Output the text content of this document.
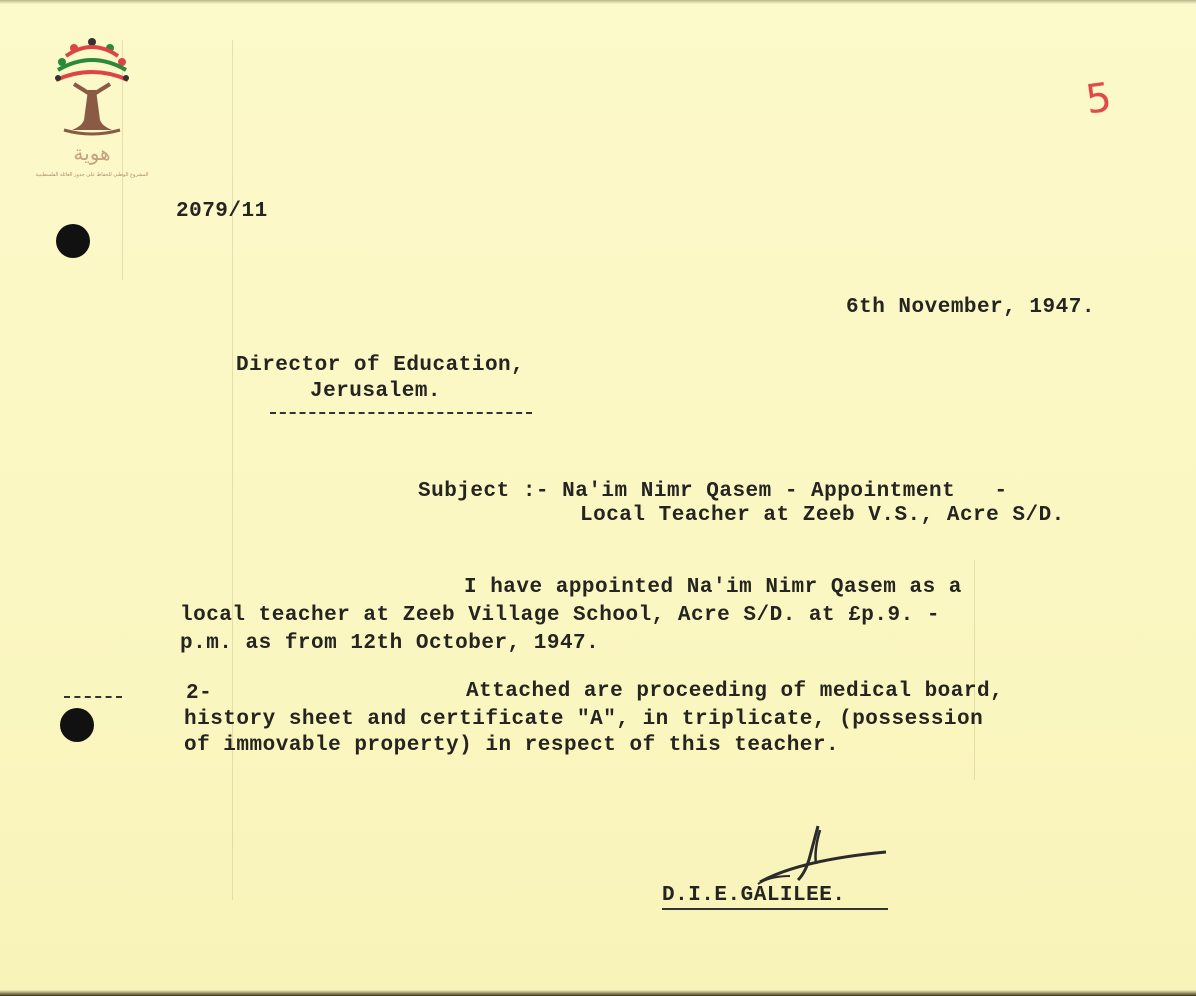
هوية
المشروع الوطني للحفاظ على جذور العائلة الفلسطينية
5
2079/11
6th November, 1947.
Director of Education,
Jerusalem.
Subject :- Na'im Nimr Qasem - Appointment   -
Local Teacher at Zeeb V.S., Acre S/D.
I have appointed Na'im Nimr Qasem as a
local teacher at Zeeb Village School, Acre S/D. at £p.9. -
p.m. as from 12th October, 1947.
2-	Attached are proceeding of medical board,
history sheet and certificate "A", in triplicate, (possession
of immovable property) in respect of this teacher.
D.I.E.GALILEE.
